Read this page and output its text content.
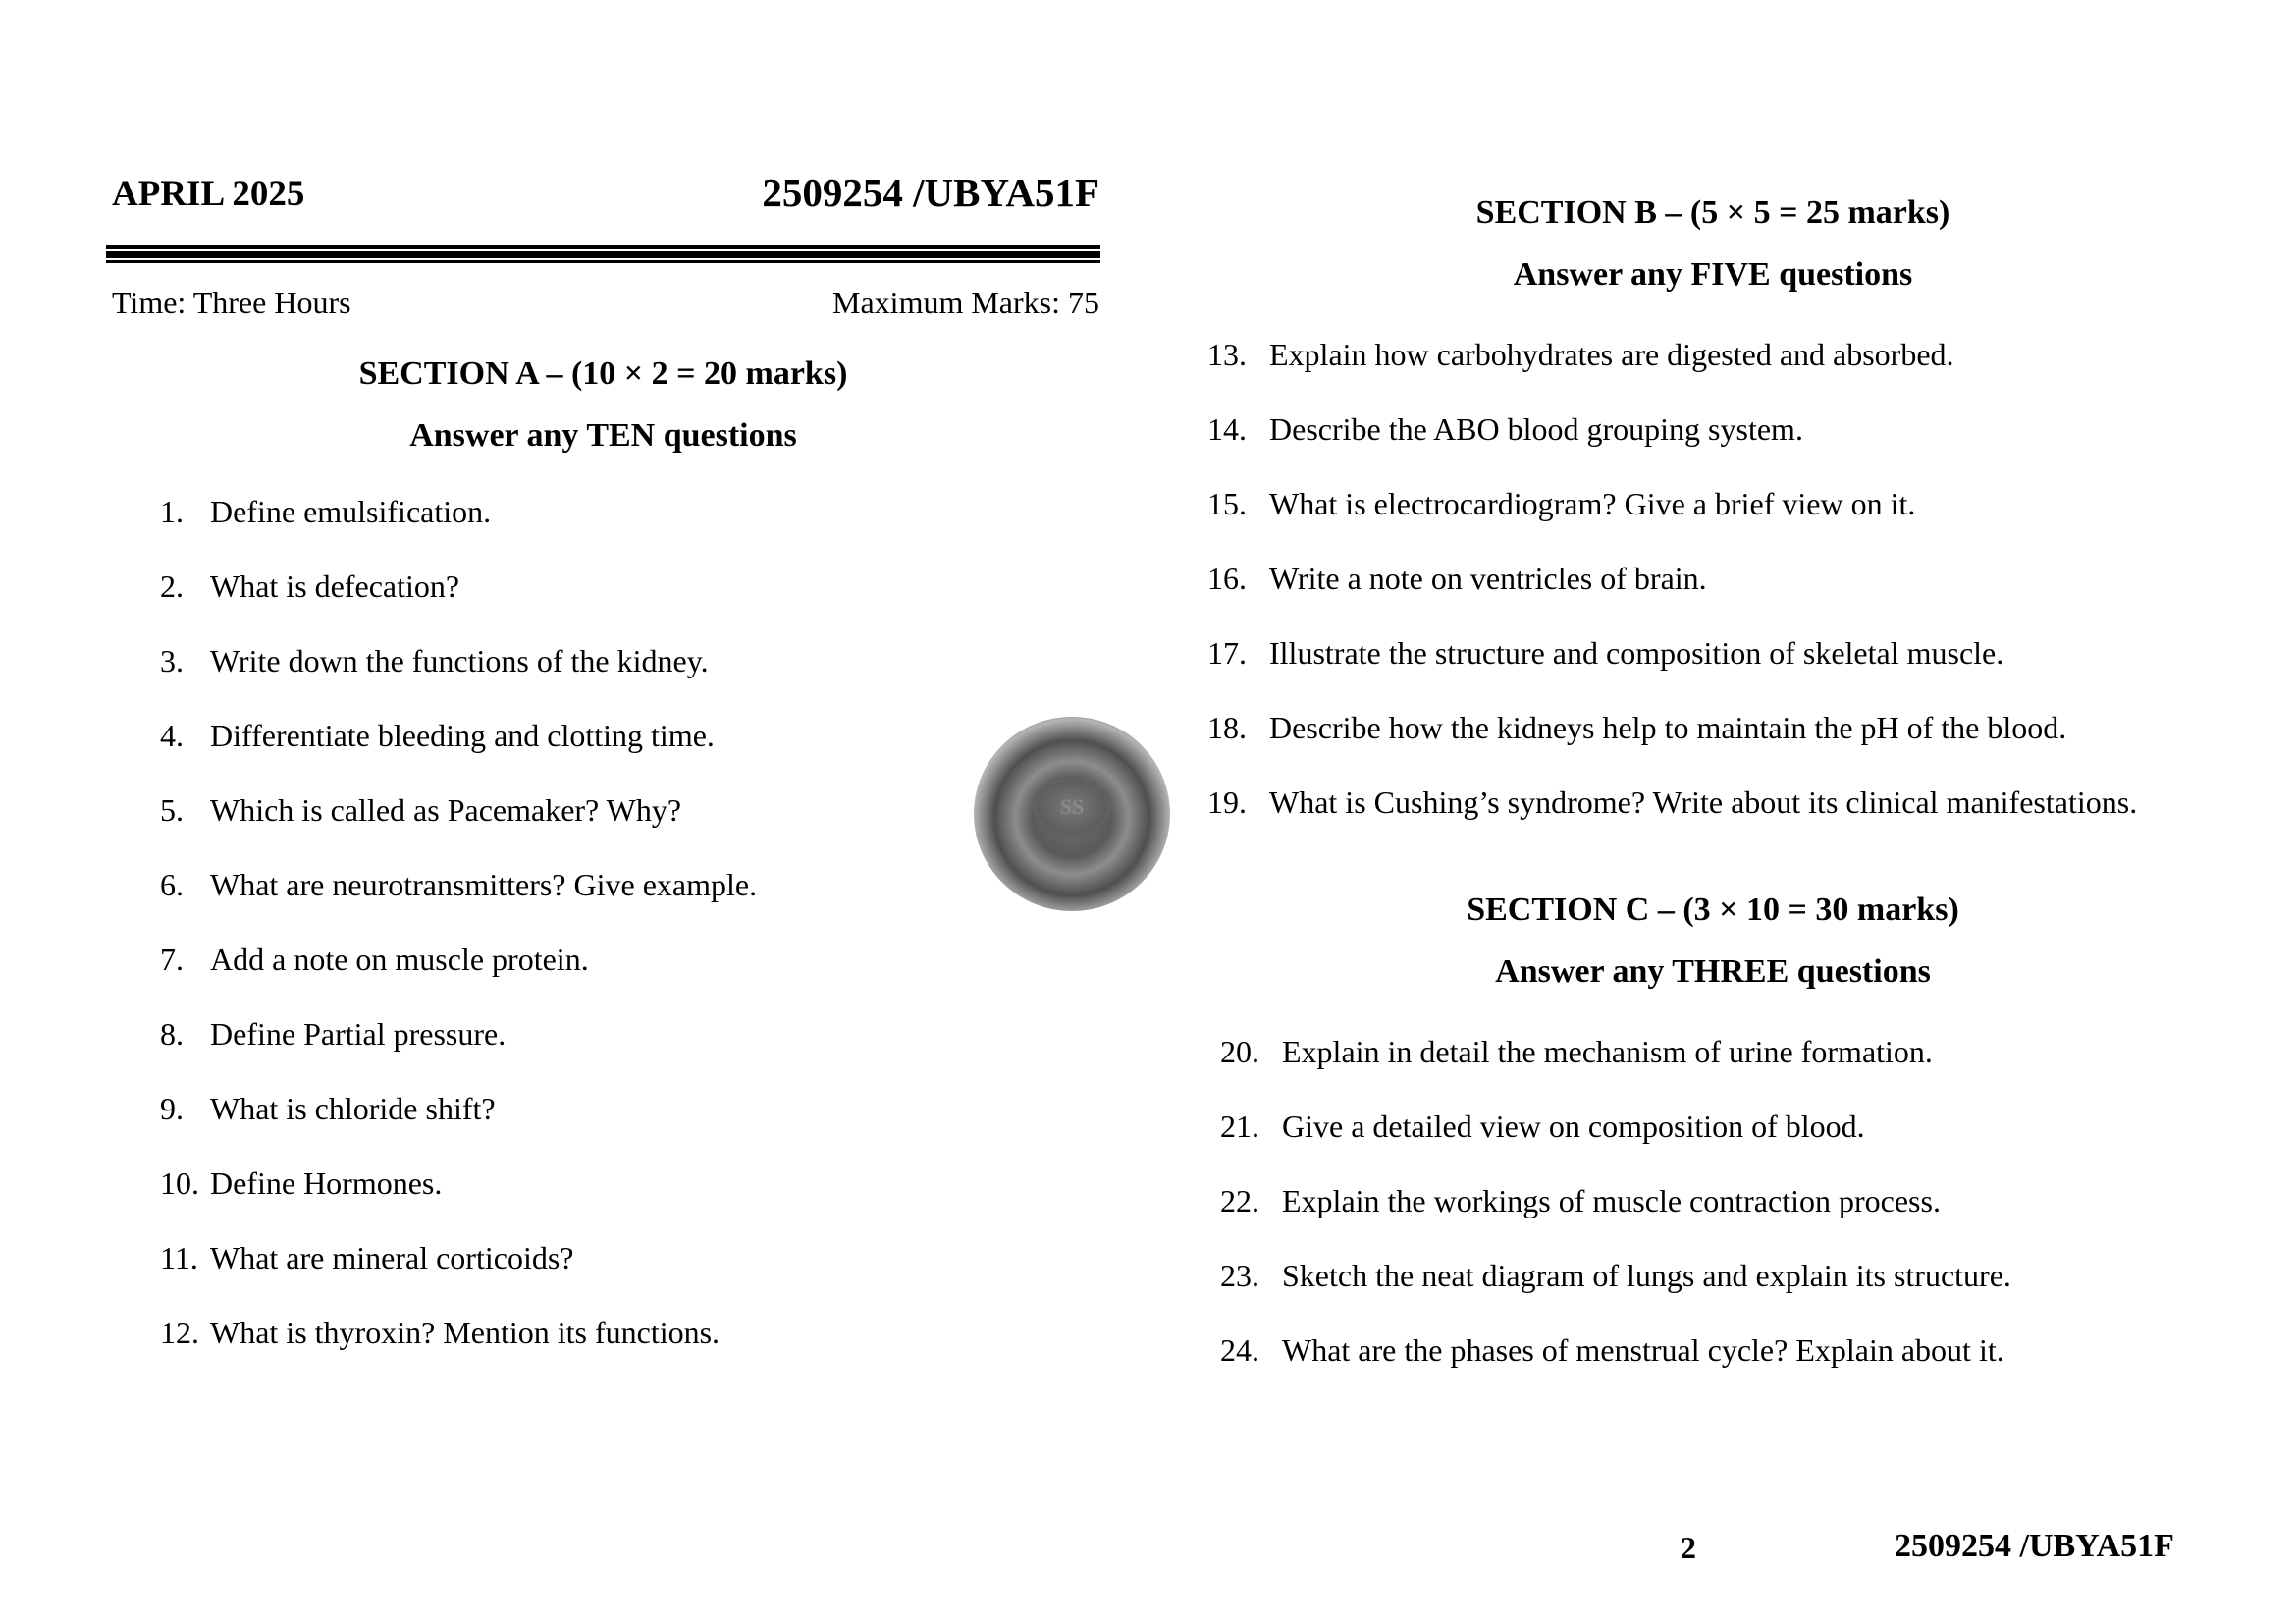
APRIL 2025	2509254 /UBYA51F
Time: Three Hours	Maximum Marks: 75
SECTION A – (10 × 2 = 20 marks)
Answer any TEN questions
1. Define emulsification.
2. What is defecation?
3. Write down the functions of the kidney.
4. Differentiate bleeding and clotting time.
5. Which is called as Pacemaker? Why?
6. What are neurotransmitters? Give example.
7. Add a note on muscle protein.
8. Define Partial pressure.
9. What is chloride shift?
10. Define Hormones.
11. What are mineral corticoids?
12. What is thyroxin? Mention its functions.
SS
SECTION B – (5 × 5 = 25 marks)
Answer any FIVE questions
13. Explain how carbohydrates are digested and absorbed.
14. Describe the ABO blood grouping system.
15. What is electrocardiogram? Give a brief view on it.
16. Write a note on ventricles of brain.
17. Illustrate the structure and composition of skeletal muscle.
18. Describe how the kidneys help to maintain the pH of the blood.
19. What is Cushing’s syndrome? Write about its clinical manifestations.
SECTION C – (3 × 10 = 30 marks)
Answer any THREE questions
20. Explain in detail the mechanism of urine formation.
21. Give a detailed view on composition of blood.
22. Explain the workings of muscle contraction process.
23. Sketch the neat diagram of lungs and explain its structure.
24. What are the phases of menstrual cycle? Explain about it.
2	2509254 /UBYA51F
